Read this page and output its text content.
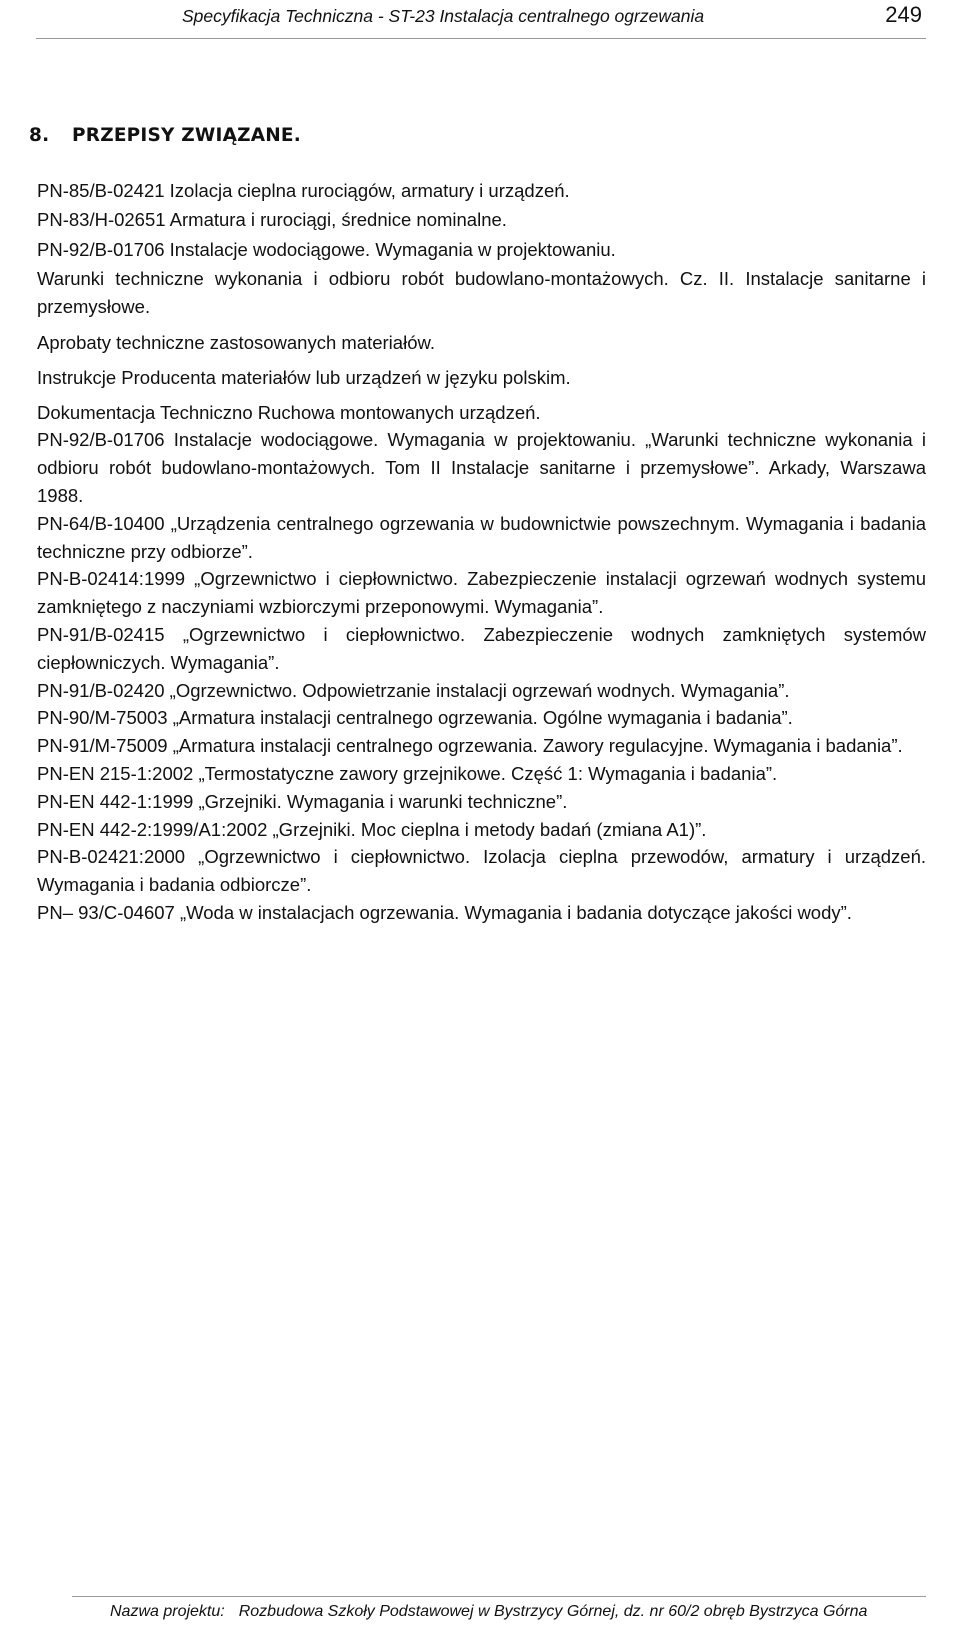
Specyfikacja Techniczna - ST-23 Instalacja centralnego ogrzewania	249
8. PRZEPISY ZWIĄZANE.

PN-85/B-02421 Izolacja cieplna rurociągów, armatury i urządzeń.

PN-83/H-02651 Armatura i rurociągi, średnice nominalne.

PN-92/B-01706 Instalacje wodociągowe. Wymagania w projektowaniu.

Warunki techniczne wykonania i odbioru robót budowlano-montażowych. Cz. II. Instalacje sanitarne i przemysłowe.

Aprobaty techniczne zastosowanych materiałów.

Instrukcje Producenta materiałów lub urządzeń w języku polskim.

Dokumentacja Techniczno Ruchowa montowanych urządzeń.

PN-92/B-01706 Instalacje wodociągowe. Wymagania w projektowaniu. „Warunki techniczne wykonania i odbioru robót budowlano-montażowych. Tom II Instalacje sanitarne i przemysłowe”. Arkady, Warszawa 1988.

PN-64/B-10400 „Urządzenia centralnego ogrzewania w budownictwie powszechnym. Wymagania i badania techniczne przy odbiorze”.

PN-B-02414:1999 „Ogrzewnictwo i ciepłownictwo. Zabezpieczenie instalacji ogrzewań wodnych systemu zamkniętego z naczyniami wzbiorczymi przeponowymi. Wymagania”.

PN-91/B-02415 „Ogrzewnictwo i ciepłownictwo. Zabezpieczenie wodnych zamkniętych systemów ciepłowniczych. Wymagania”.

PN-91/B-02420 „Ogrzewnictwo. Odpowietrzanie instalacji ogrzewań wodnych. Wymagania”.

PN-90/M-75003 „Armatura instalacji centralnego ogrzewania. Ogólne wymagania i badania”.

PN-91/M-75009 „Armatura instalacji centralnego ogrzewania. Zawory regulacyjne. Wymagania i badania”.

PN-EN 215-1:2002 „Termostatyczne zawory grzejnikowe. Część 1: Wymagania i badania”.

PN-EN 442-1:1999 „Grzejniki. Wymagania i warunki techniczne”.

PN-EN 442-2:1999/A1:2002 „Grzejniki. Moc cieplna i metody badań (zmiana A1)”.

PN-B-02421:2000 „Ogrzewnictwo i ciepłownictwo. Izolacja cieplna przewodów, armatury i urządzeń. Wymagania i badania odbiorcze”.

PN– 93/C-04607 „Woda w instalacjach ogrzewania. Wymagania i badania dotyczące jakości wody”.

Nazwa projektu: Rozbudowa Szkoły Podstawowej w Bystrzycy Górnej, dz. nr 60/2 obręb Bystrzyca Górna
